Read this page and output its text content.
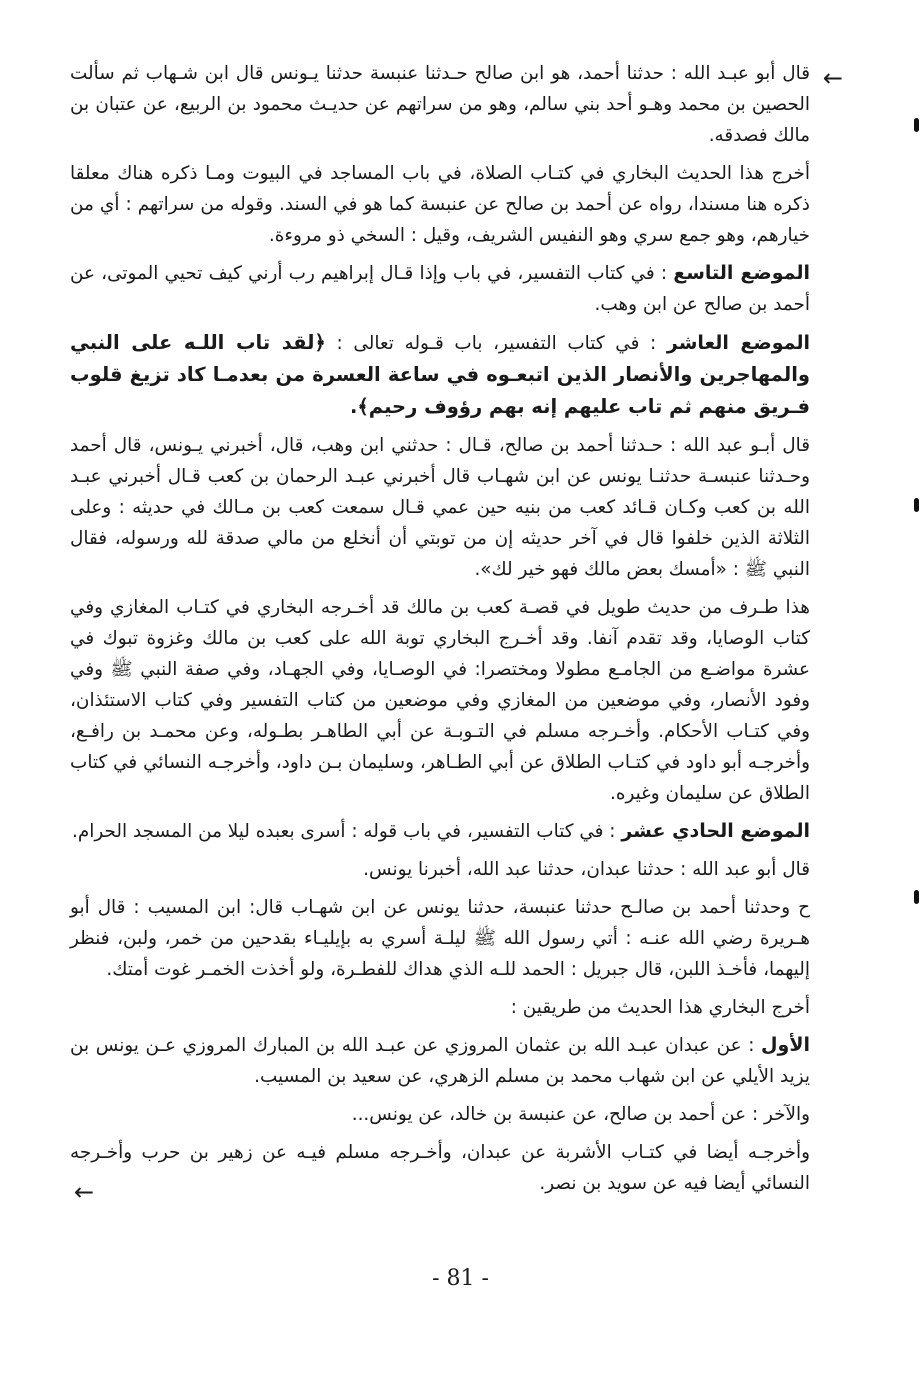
←

قال أبو عبـد الله : حدثنا أحمد، هو ابن صالح حـدثنا عنبسة حدثنا يـونس قال ابن شـهاب ثم سألت الحصين بن محمد وهـو أحد بني سالم، وهو من سراتهم عن حديـث محمود بن الربيع، عن عتبان بن مالك فصدقه.

أخرج هذا الحديث البخاري في كتـاب الصلاة، في باب المساجد في البيوت ومـا ذكره هناك معلقا ذكره هنا مسندا، رواه عن أحمد بن صالح عن عنبسة كما هو في السند. وقوله من سراتهم : أي من خيارهم، وهو جمع سري وهو النفيس الشريف، وقيل : السخي ذو مروءة.

الموضع التاسع : في كتاب التفسير، في باب وإذا قـال إبراهيم رب أرني كيف تحيي الموتى، عن أحمد بن صالح عن ابن وهب.

الموضع العاشر : في كتاب التفسير، باب قـوله تعالى : ﴿لقد تاب اللـه على النبي والمهاجرين والأنصار الذين اتبعـوه في ساعة العسرة من بعدمـا كاد تزيغ قلوب فـريق منهم ثم تاب عليهم إنه بهم رؤوف رحيم﴾.

قال أبـو عبد الله : حـدثنا أحمد بن صالح، قـال : حدثني ابن وهب، قال، أخبرني يـونس، قال أحمد وحـدثنا عنبسـة حدثنـا يونس عن ابن شهـاب قال أخبرني عبـد الرحمان بن كعب قـال أخبرني عبـد الله بن كعب وكـان قـائد كعب من بنيه حين عمي قـال سمعت كعب بن مـالك في حديثه : وعلى الثلاثة الذين خلفوا قال في آخر حديثه إن من توبتي أن أنخلع من مالي صدقة لله ورسوله، فقال النبي ﷺ : «أمسك بعض مالك فهو خير لك».

هذا طـرف من حديث طويل في قصـة كعب بن مالك قد أخـرجه البخاري في كتـاب المغازي وفي كتاب الوصايا، وقد تقدم آنفا. وقد أخـرج البخاري توبة الله على كعب بن مالك وغزوة تبوك في عشرة مواضـع من الجامـع مطولا ومختصرا: في الوصـايا، وفي الجهـاد، وفي صفة النبي ﷺ وفي وفود الأنصار، وفي موضعين من المغازي وفي موضعين من كتاب التفسير وفي كتاب الاستئذان، وفي كتـاب الأحكام. وأخـرجه مسلم في التـوبـة عن أبي الطاهـر بطـوله، وعن محمـد بن رافـع، وأخرجـه أبو داود في كتـاب الطلاق عن أبي الطـاهر، وسليمان بـن داود، وأخرجـه النسائي في كتاب الطلاق عن سليمان وغيره.

الموضع الحادي عشر : في كتاب التفسير، في باب قوله : أسرى بعبده ليلا من المسجد الحرام.

قال أبو عبد الله : حدثنا عبدان، حدثنا عبد الله، أخبرنا يونس.

ح وحدثنا أحمد بن صالـح حدثنا عنبسة، حدثنا يونس عن ابن شهـاب قال: ابن المسيب : قال أبو هـريرة رضي الله عنـه : أتي رسول الله ﷺ ليلـة أسري به بإيليـاء بقدحين من خمر، ولبن، فنظر إليهما، فأخـذ اللبن، قال جبريل : الحمد للـه الذي هداك للفطـرة، ولو أخذت الخمـر غوت أمتك.

أخرج البخاري هذا الحديث من طريقين :

الأول : عن عبدان عبـد الله بن عثمان المروزي عن عبـد الله بن المبارك المروزي عـن يونس بن يزيد الأيلي عن ابن شهاب محمد بن مسلم الزهري، عن سعيد بن المسيب.

والآخر : عن أحمد بن صالح، عن عنبسة بن خالد، عن يونس...

وأخرجـه أيضا في كتـاب الأشربة عن عبدان، وأخـرجه مسلم فيـه عن زهير بن حرب وأخـرجه النسائي أيضا فيه عن سويد بن نصر.

←
- 81 -
